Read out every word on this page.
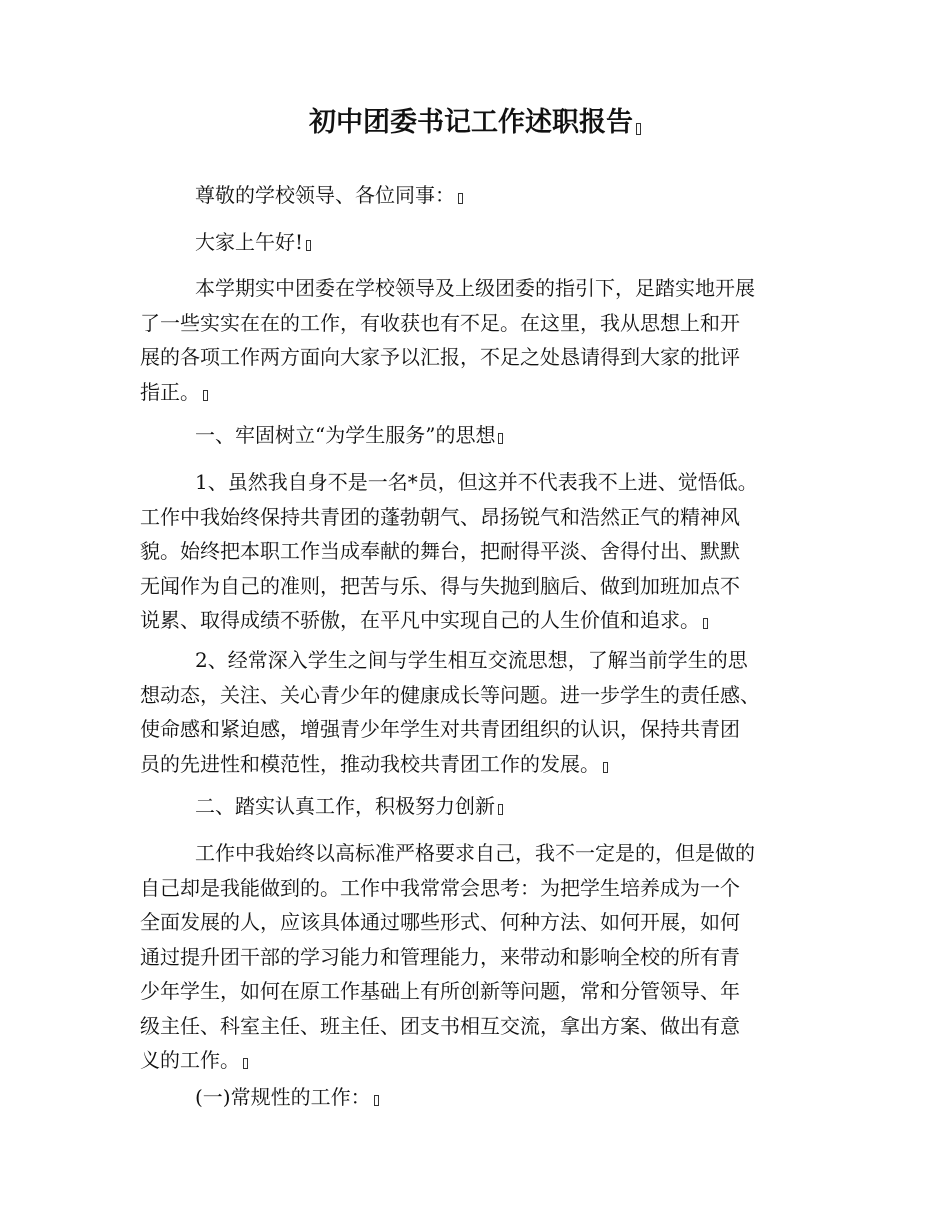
初中团委书记工作述职报告
尊敬的学校领导、各位同事：
大家上午好!
本学期实中团委在学校领导及上级团委的指引下，足踏实地开展
了一些实实在在的工作，有收获也有不足。在这里，我从思想上和开
展的各项工作两方面向大家予以汇报，不足之处恳请得到大家的批评
指正。
一、牢固树立“为学生服务”的思想
1、虽然我自身不是一名*员，但这并不代表我不上进、觉悟低。
工作中我始终保持共青团的蓬勃朝气、昂扬锐气和浩然正气的精神风
貌。始终把本职工作当成奉献的舞台，把耐得平淡、舍得付出、默默
无闻作为自己的准则，把苦与乐、得与失抛到脑后、做到加班加点不
说累、取得成绩不骄傲，在平凡中实现自己的人生价值和追求。
2、经常深入学生之间与学生相互交流思想，了解当前学生的思
想动态，关注、关心青少年的健康成长等问题。进一步学生的责任感、
使命感和紧迫感，增强青少年学生对共青团组织的认识，保持共青团
员的先进性和模范性，推动我校共青团工作的发展。
二、踏实认真工作，积极努力创新
工作中我始终以高标准严格要求自己，我不一定是的，但是做的
自己却是我能做到的。工作中我常常会思考：为把学生培养成为一个
全面发展的人，应该具体通过哪些形式、何种方法、如何开展，如何
通过提升团干部的学习能力和管理能力，来带动和影响全校的所有青
少年学生，如何在原工作基础上有所创新等问题，常和分管领导、年
级主任、科室主任、班主任、团支书相互交流，拿出方案、做出有意
义的工作。
(一)常规性的工作：
